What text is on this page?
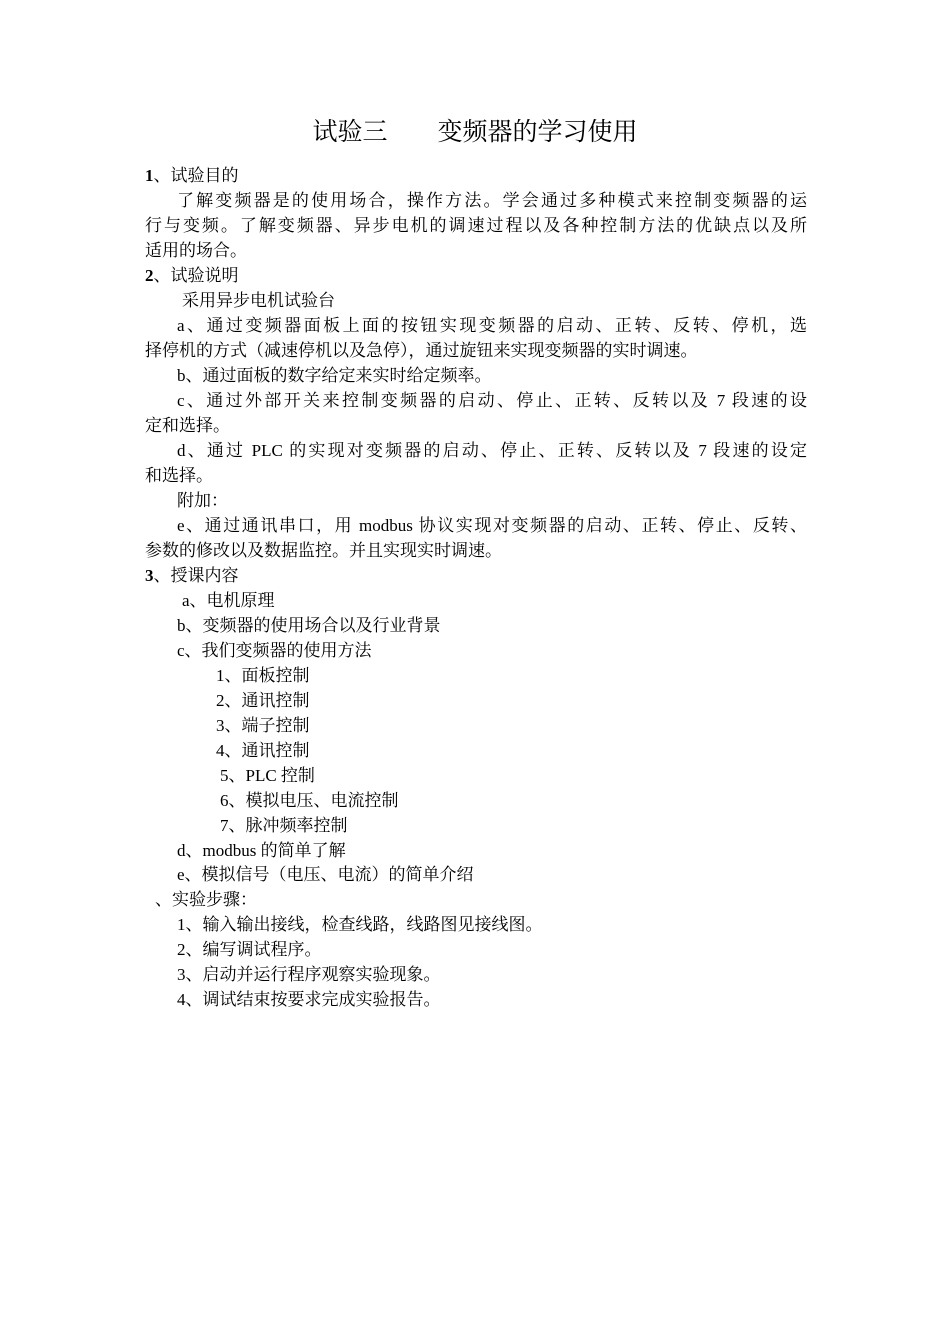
试验三　　变频器的学习使用
1、试验目的
了解变频器是的使用场合，操作方法。学会通过多种模式来控制变频器的运
行与变频。了解变频器、异步电机的调速过程以及各种控制方法的优缺点以及所
适用的场合。
2、试验说明
采用异步电机试验台
a、通过变频器面板上面的按钮实现变频器的启动、正转、反转、停机，选
择停机的方式（减速停机以及急停），通过旋钮来实现变频器的实时调速。
b、通过面板的数字给定来实时给定频率。
c、通过外部开关来控制变频器的启动、停止、正转、反转以及 7 段速的设
定和选择。
d、通过 PLC 的实现对变频器的启动、停止、正转、反转以及 7 段速的设定
和选择。
附加：
e、通过通讯串口，用 modbus 协议实现对变频器的启动、正转、停止、反转、
参数的修改以及数据监控。并且实现实时调速。
3、授课内容
a、电机原理
b、变频器的使用场合以及行业背景
c、我们变频器的使用方法
1、面板控制
2、通讯控制
3、端子控制
4、通讯控制
5、PLC 控制
6、模拟电压、电流控制
7、脉冲频率控制
d、modbus 的简单了解
e、模拟信号（电压、电流）的简单介绍
、实验步骤：
1、输入输出接线，检查线路，线路图见接线图。
2、编写调试程序。
3、启动并运行程序观察实验现象。
4、调试结束按要求完成实验报告。
